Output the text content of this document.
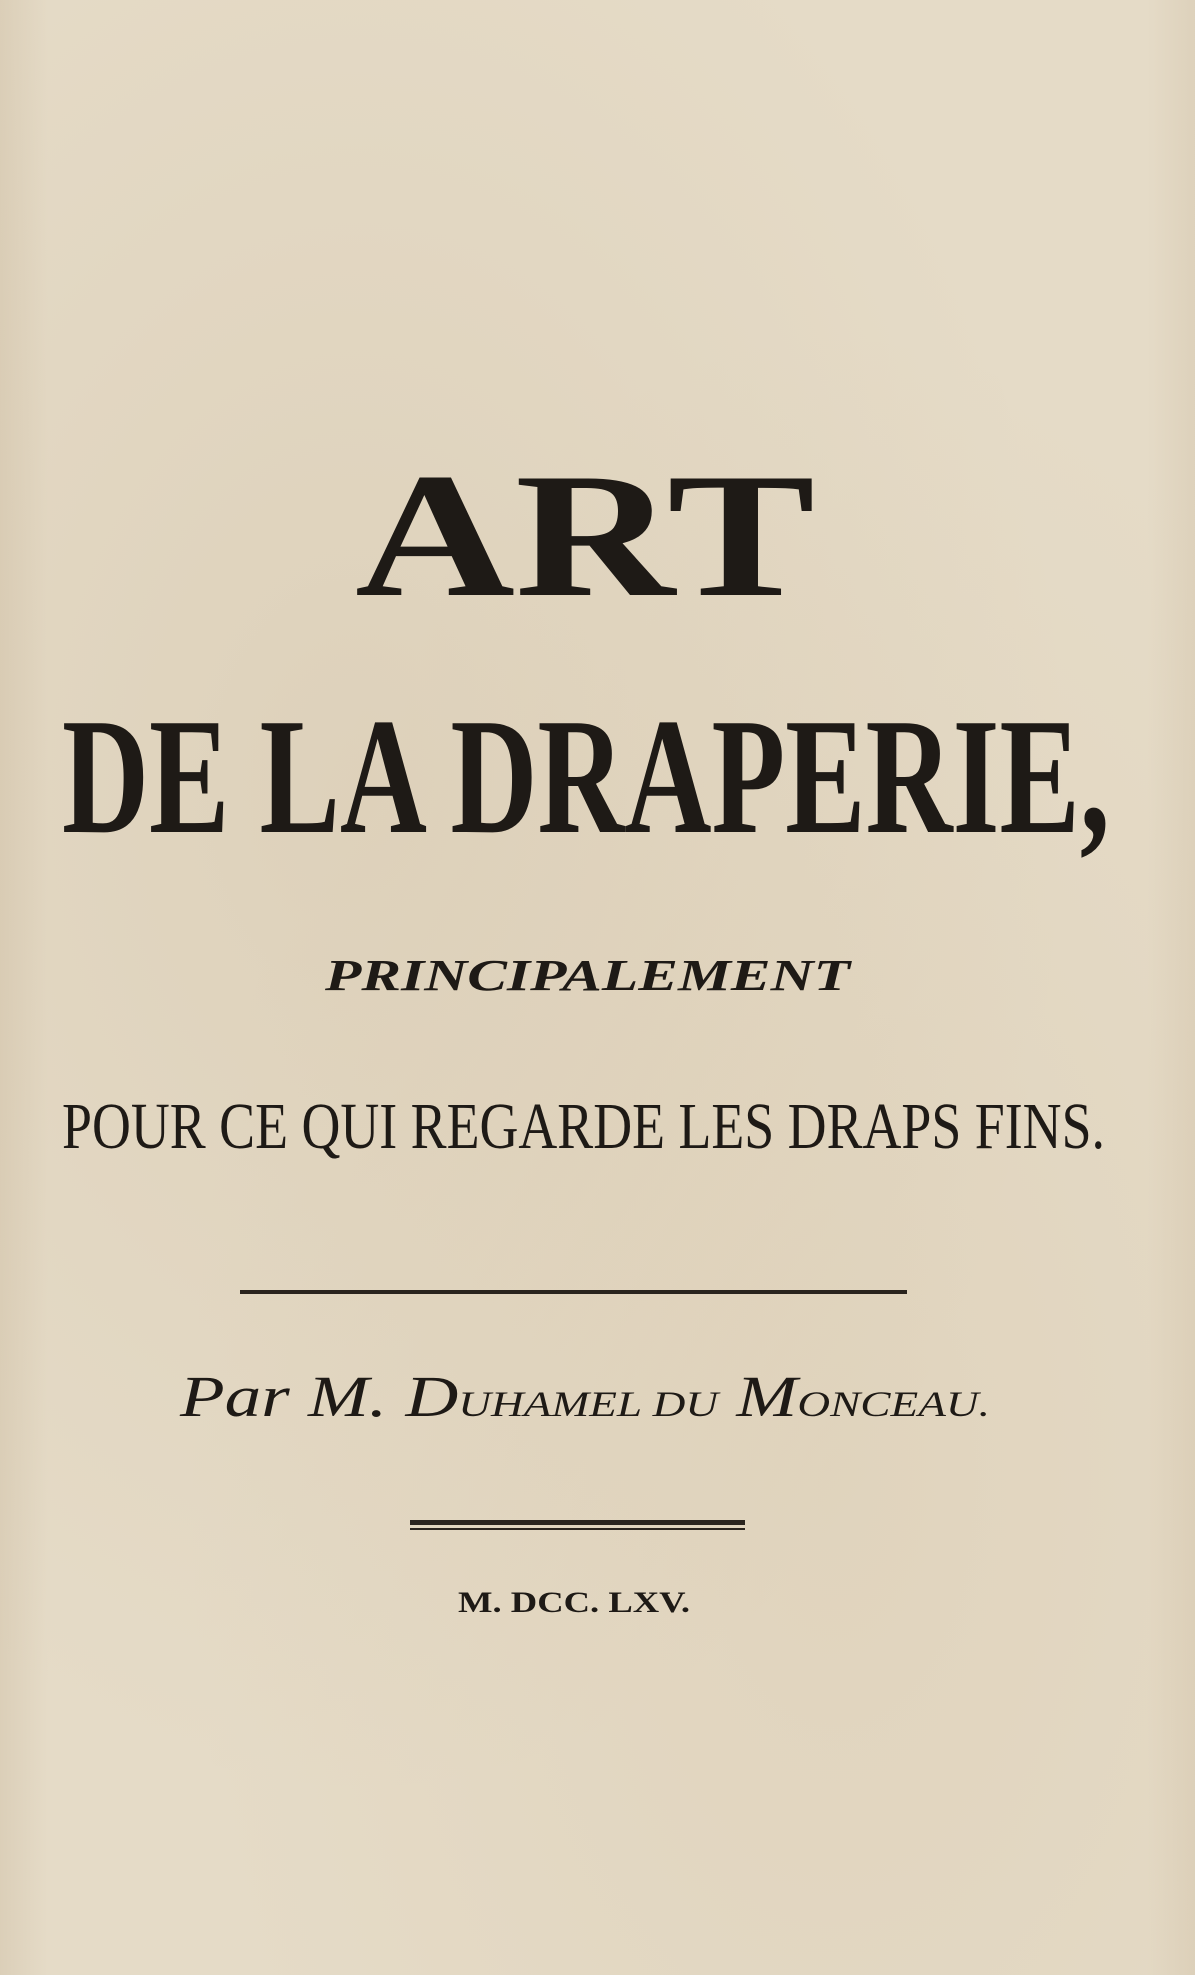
ART
DE LA DRAPERIE,
PRINCIPALEMENT
POUR CE QUI REGARDE LES DRAPS FINS.
Par M. DUHAMEL DU MONCEAU.
M. DCC. LXV.
